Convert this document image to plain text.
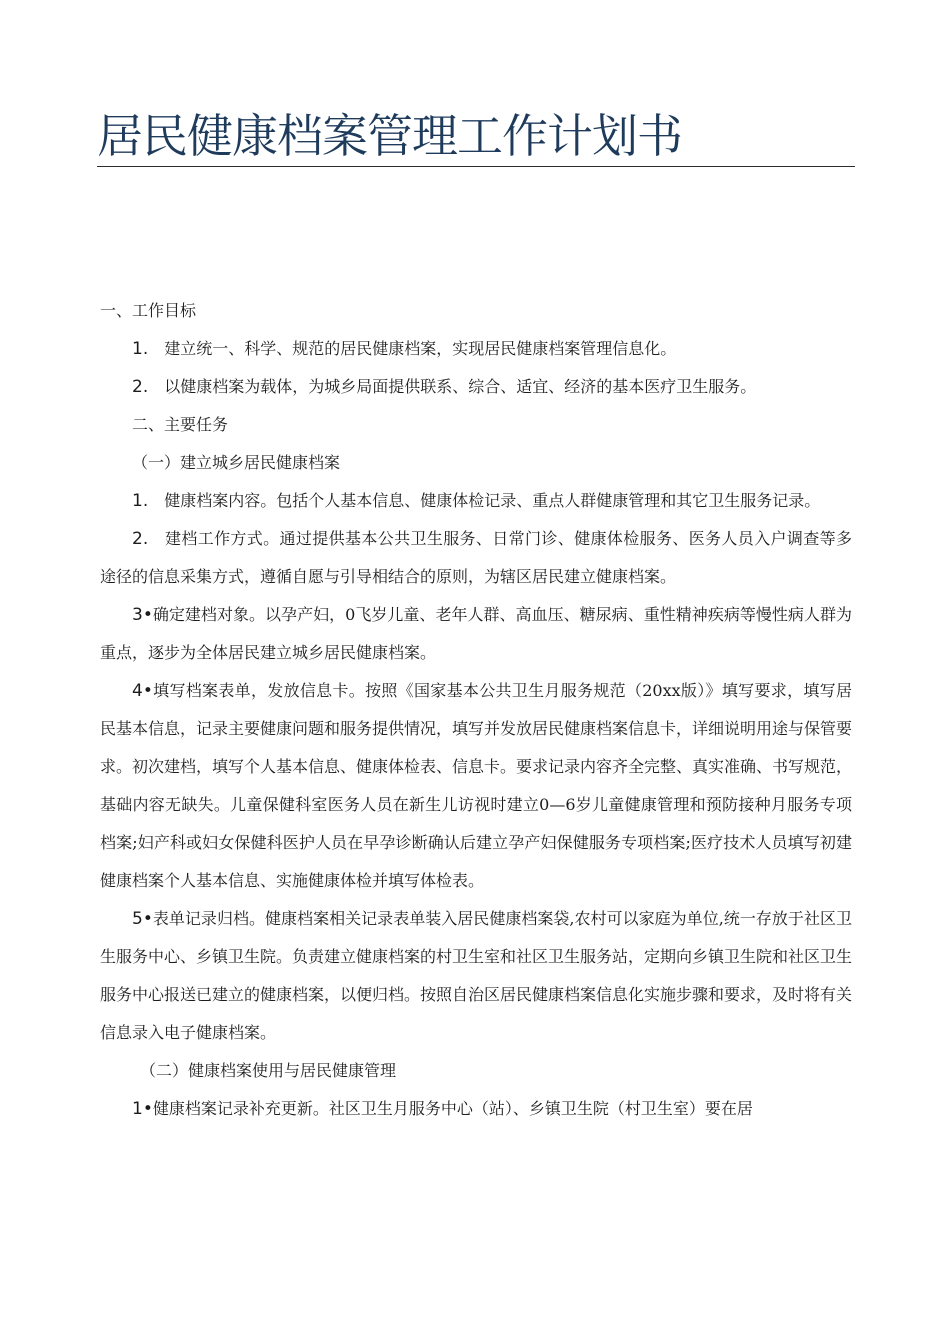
居民健康档案管理工作计划书

一、工作目标

1.　建立统一、科学、规范的居民健康档案，实现居民健康档案管理信息化。

2.　以健康档案为载体，为城乡局面提供联系、综合、适宜、经济的基本医疗卫生服务。

二、主要任务

（一）建立城乡居民健康档案

1.　健康档案内容。包括个人基本信息、健康体检记录、重点人群健康管理和其它卫生服务记录。

2.　建档工作方式。通过提供基本公共卫生服务、日常门诊、健康体检服务、医务人员入户调查等多途径的信息采集方式，遵循自愿与引导相结合的原则，为辖区居民建立健康档案。

3•确定建档对象。以孕产妇，0飞岁儿童、老年人群、高血压、糖尿病、重性精神疾病等慢性病人群为重点，逐步为全体居民建立城乡居民健康档案。

4•填写档案表单，发放信息卡。按照《国家基本公共卫生月服务规范（20xx版）》填写要求，填写居民基本信息，记录主要健康问题和服务提供情况，填写并发放居民健康档案信息卡，详细说明用途与保管要求。初次建档，填写个人基本信息、健康体检表、信息卡。要求记录内容齐全完整、真实准确、书写规范，基础内容无缺失。儿童保健科室医务人员在新生儿访视时建立0—6岁儿童健康管理和预防接种月服务专项档案;妇产科或妇女保健科医护人员在早孕诊断确认后建立孕产妇保健服务专项档案;医疗技术人员填写初建健康档案个人基本信息、实施健康体检并填写体检表。

5•表单记录归档。健康档案相关记录表单装入居民健康档案袋,农村可以家庭为单位,统一存放于社区卫生服务中心、乡镇卫生院。负责建立健康档案的村卫生室和社区卫生服务站，定期向乡镇卫生院和社区卫生服务中心报送已建立的健康档案，以便归档。按照自治区居民健康档案信息化实施步骤和要求，及时将有关信息录入电子健康档案。

（二）健康档案使用与居民健康管理

1•健康档案记录补充更新。社区卫生月服务中心（站）、乡镇卫生院（村卫生室）要在居
